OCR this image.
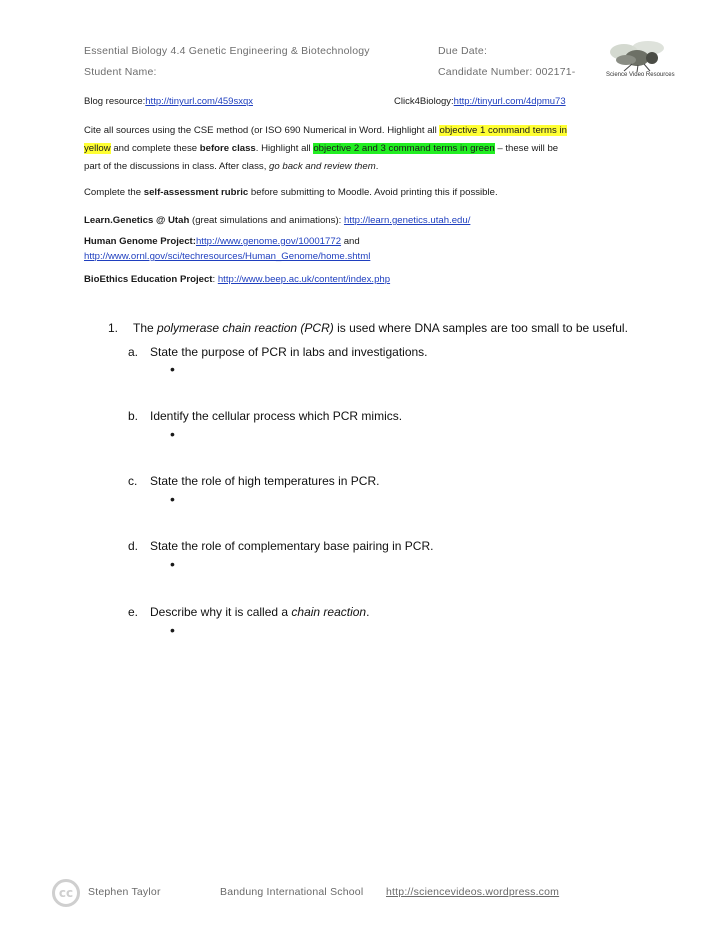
Essential Biology 4.4 Genetic Engineering & Biotechnology	Due Date:
Student Name:	Candidate Number: 002171-	Science Video Resources
Blog resource:http://tinyurl.com/459sxqx	Click4Biology:http://tinyurl.com/4dpmu73
Cite all sources using the CSE method (or ISO 690 Numerical in Word. Highlight all objective 1 command terms in
yellow and complete these before class. Highlight all objective 2 and 3 command terms in green – these will be
part of the discussions in class. After class, go back and review them.
Complete the self-assessment rubric before submitting to Moodle. Avoid printing this if possible.
Learn.Genetics @ Utah (great simulations and animations): http://learn.genetics.utah.edu/
Human Genome Project:http://www.genome.gov/10001772 and
http://www.ornl.gov/sci/techresources/Human_Genome/home.shtml
BioEthics Education Project: http://www.beep.ac.uk/content/index.php
1. The polymerase chain reaction (PCR) is used where DNA samples are too small to be useful.
a. State the purpose of PCR in labs and investigations.
•
b. Identify the cellular process which PCR mimics.
•
c. State the role of high temperatures in PCR.
•
d. State the role of complementary base pairing in PCR.
•
e. Describe why it is called a chain reaction.
•
cc	Stephen Taylor	Bandung International School http://sciencevideos.wordpress.com
